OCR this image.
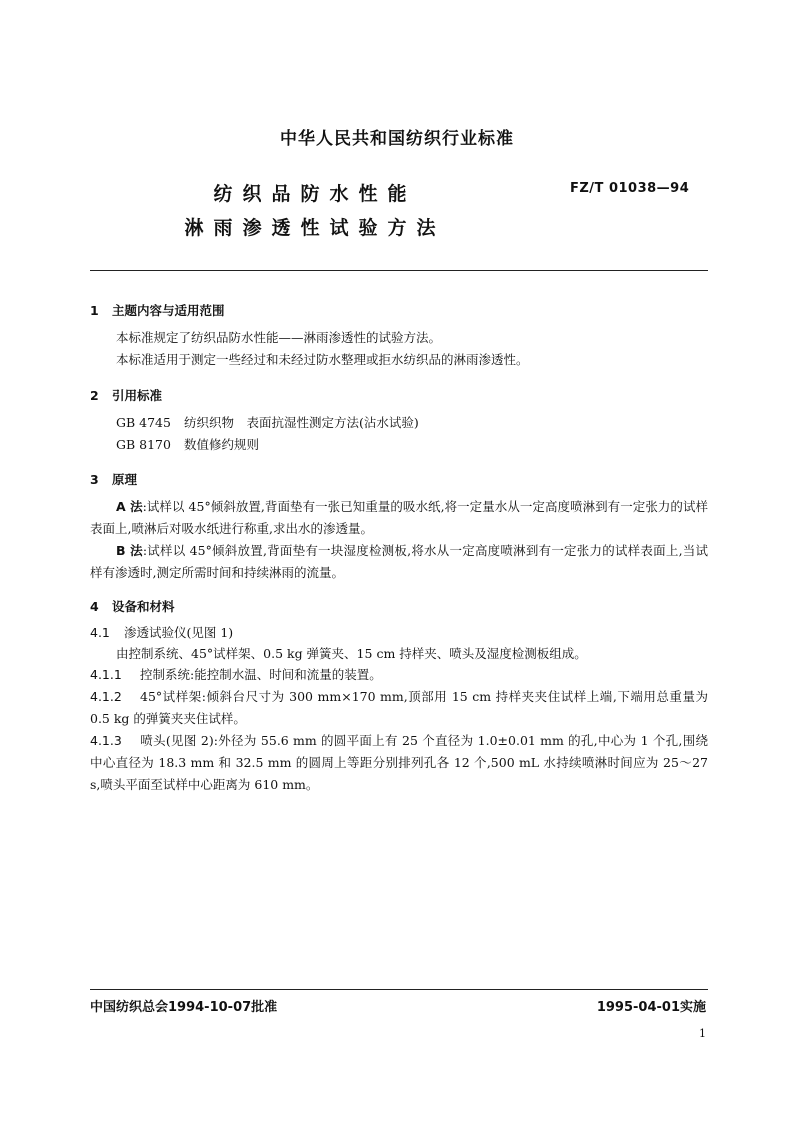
中华人民共和国纺织行业标准
纺织品防水性能
淋雨渗透性试验方法
FZ/T 01038—94
1 主题内容与适用范围
本标准规定了纺织品防水性能——淋雨渗透性的试验方法。
本标准适用于测定一些经过和未经过防水整理或拒水纺织品的淋雨渗透性。
2 引用标准
GB 4745 纺织织物　表面抗湿性测定方法(沾水试验)
GB 8170 数值修约规则
3 原理

A 法:试样以 45°倾斜放置,背面垫有一张已知重量的吸水纸,将一定量水从一定高度喷淋到有一定张力的试样表面上,喷淋后对吸水纸进行称重,求出水的渗透量。

B 法:试样以 45°倾斜放置,背面垫有一块湿度检测板,将水从一定高度喷淋到有一定张力的试样表面上,当试样有渗透时,测定所需时间和持续淋雨的流量。

4 设备和材料
4.1 渗透试验仪(见图 1)
由控制系统、45°试样架、0.5 kg 弹簧夹、15 cm 持样夹、喷头及湿度检测板组成。
4.1.1 控制系统:能控制水温、时间和流量的装置。

4.1.2 45°试样架:倾斜台尺寸为 300 mm×170 mm,顶部用 15 cm 持样夹夹住试样上端,下端用总重量为 0.5 kg 的弹簧夹夹住试样。

4.1.3 喷头(见图 2):外径为 55.6 mm 的圆平面上有 25 个直径为 1.0±0.01 mm 的孔,中心为 1 个孔,围绕中心直径为 18.3 mm 和 32.5 mm 的圆周上等距分别排列孔各 12 个,500 mL 水持续喷淋时间应为 25～27 s,喷头平面至试样中心距离为 610 mm。

中国纺织总会1994-10-07批准	1995-04-01实施
1
